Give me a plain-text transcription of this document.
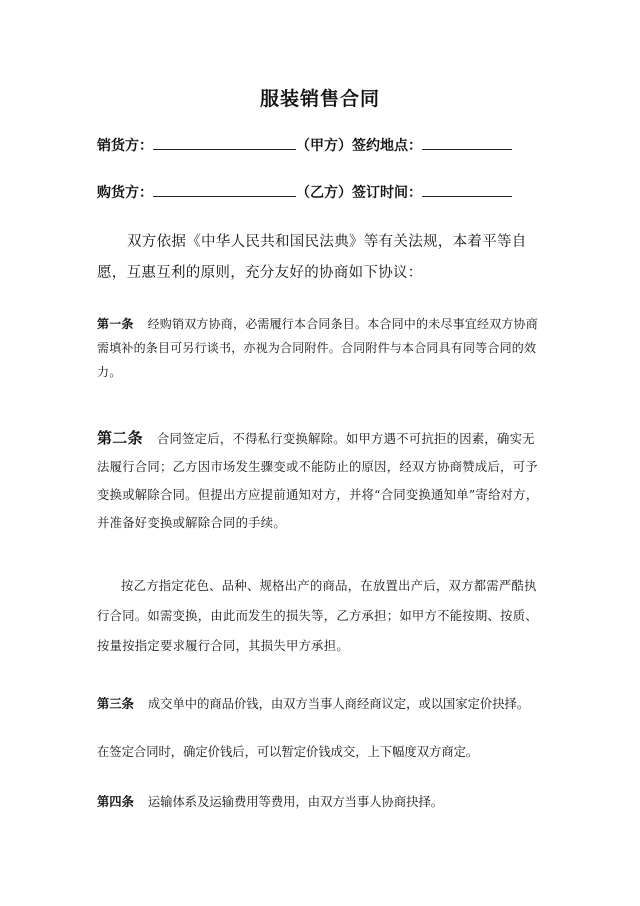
服装销售合同
销货方：	（甲方）签约地点：
购货方：	（乙方）签订时间：
双方依据《中华人民共和国民法典》等有关法规，本着平等自愿，互惠互利的原则，充分友好的协商如下协议：
第一条 经购销双方协商，必需履行本合同条目。本合同中的未尽事宜经双方协商需填补的条目可另行谈书，亦视为合同附件。合同附件与本合同具有同等合同的效力。
第二条 合同签定后，不得私行变换解除。如甲方遇不可抗拒的因素，确实无法履行合同；乙方因市场发生骤变或不能防止的原因，经双方协商赞成后，可予变换或解除合同。但提出方应提前通知对方，并将“合同变换通知单”寄给对方，并准备好变换或解除合同的手续。
按乙方指定花色、品种、规格出产的商品，在放置出产后，双方都需严酷执行合同。如需变换，由此而发生的损失等，乙方承担；如甲方不能按期、按质、按量按指定要求履行合同，其损失甲方承担。
第三条 成交单中的商品价钱，由双方当事人商经商议定，或以国家定价抉择。
在签定合同时，确定价钱后，可以暂定价钱成交，上下幅度双方商定。
第四条 运输体系及运输费用等费用，由双方当事人协商抉择。
